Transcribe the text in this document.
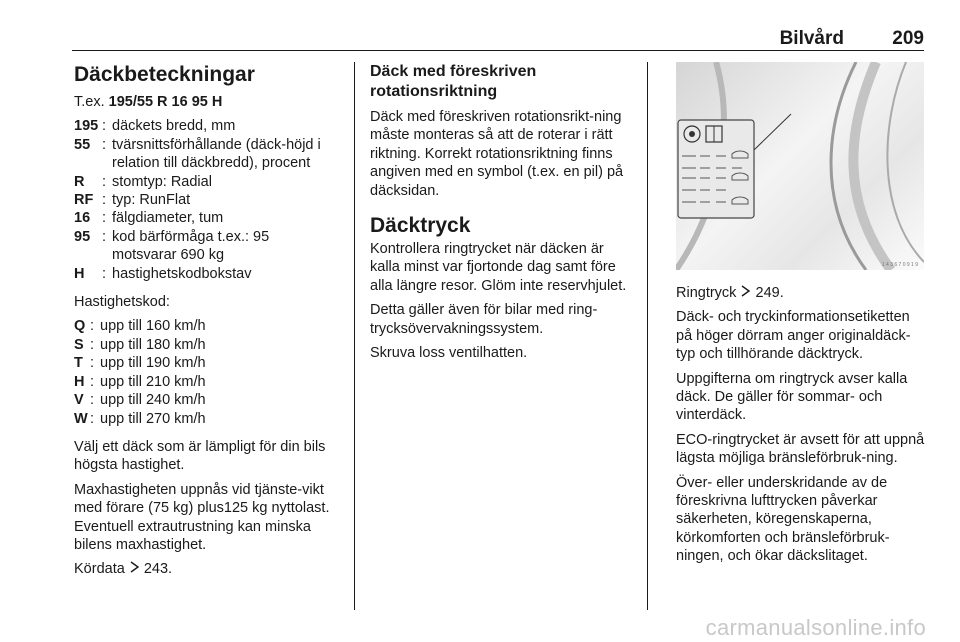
Bilvård	209
Däckbeteckningar

T.ex. 195/55 R 16 95 H

195 : däckets bredd, mm
55 : tvärsnittsförhållande (däck-höjd i relation till däckbredd), procent
R	: stomtyp: Radial
RF : typ: RunFlat
16 : fälgdiameter, tum
95 : kod bärförmåga t.ex.: 95 motsvarar 690 kg
H	: hastighetskodbokstav

Hastighetskod:

Q : upp till 160 km/h
S : upp till 180 km/h
T : upp till 190 km/h
H : upp till 210 km/h
V : upp till 240 km/h
W : upp till 270 km/h

Välj ett däck som är lämpligt för din bils högsta hastighet.

Maxhastigheten uppnås vid tjänste-vikt med förare (75 kg) plus125 kg nyttolast. Eventuell extrautrustning kan minska bilens maxhastighet.

Kördata 243.

Däck med föreskriven rotationsriktning

Däck med föreskriven rotationsrikt-ning måste monteras så att de roterar i rätt riktning. Korrekt rotationsriktning finns angiven med en symbol (t.ex. en pil) på däcksidan.

Däcktryck

Kontrollera ringtrycket när däcken är kalla minst var fjortonde dag samt före alla längre resor. Glöm inte reservhjulet.

Detta gäller även för bilar med ring-trycksövervakningssystem.

Skruva loss ventilhatten.

1 4 3 6 7 0 9 1 9

Ringtryck 249.

Däck- och tryckinformationsetiketten på höger dörram anger originaldäck-typ och tillhörande däcktryck.

Uppgifterna om ringtryck avser kalla däck. De gäller för sommar- och vinterdäck.

ECO-ringtrycket är avsett för att uppnå lägsta möjliga bränsleförbruk-ning.

Över- eller underskridande av de föreskrivna lufttrycken påverkar säkerheten, köregenskaperna, körkomforten och bränsleförbruk-ningen, och ökar däckslitaget.

carmanualsonline.info
